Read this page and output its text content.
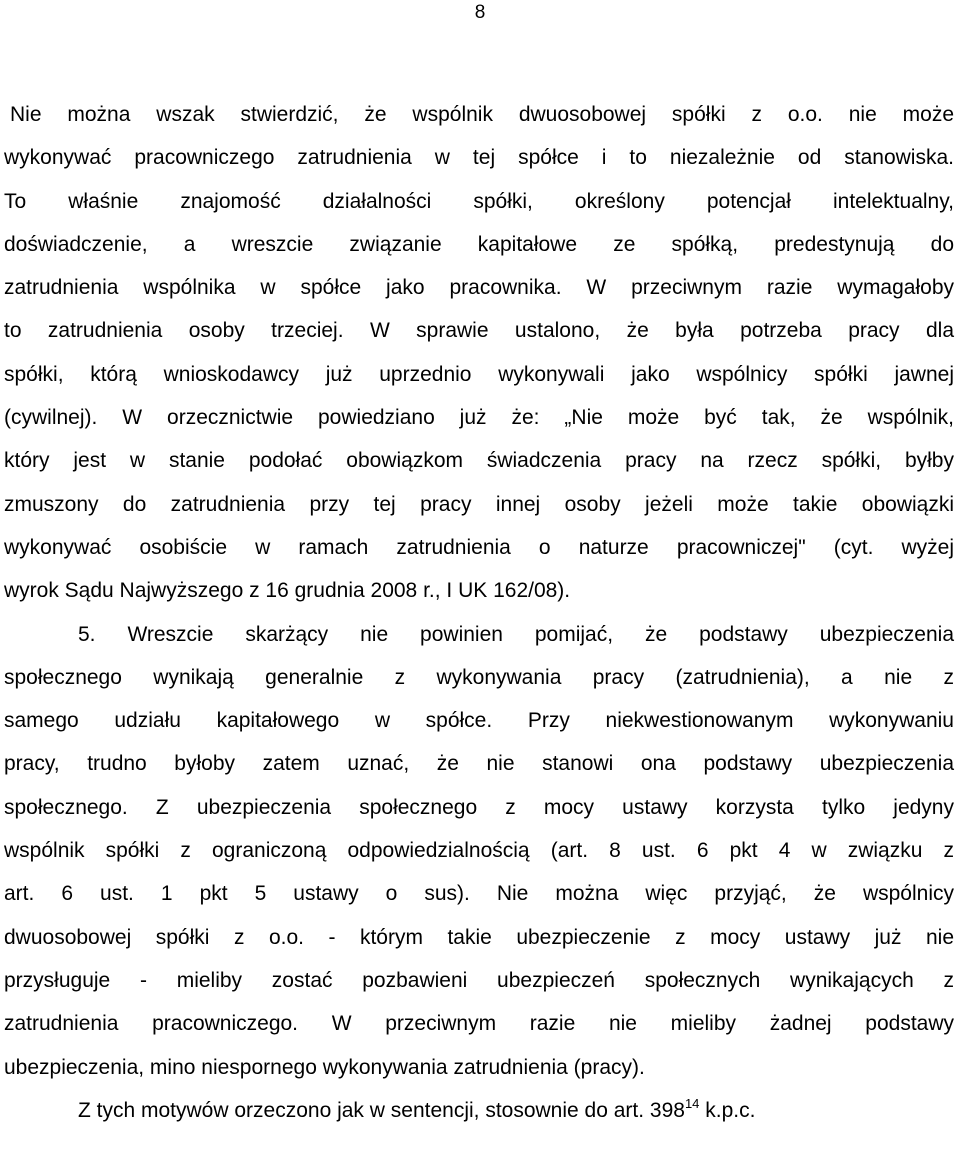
8
Nie można wszak stwierdzić, że wspólnik dwuosobowej spółki z o.o. nie może
wykonywać pracowniczego zatrudnienia w tej spółce i to niezależnie od stanowiska.
To właśnie znajomość działalności spółki, określony potencjał intelektualny,
doświadczenie, a wreszcie związanie kapitałowe ze spółką, predestynują do
zatrudnienia wspólnika w spółce jako pracownika. W przeciwnym razie wymagałoby
to zatrudnienia osoby trzeciej. W sprawie ustalono, że była potrzeba pracy dla
spółki, którą wnioskodawcy już uprzednio wykonywali jako wspólnicy spółki jawnej
(cywilnej). W orzecznictwie powiedziano już że: „Nie może być tak, że wspólnik,
który jest w stanie podołać obowiązkom świadczenia pracy na rzecz spółki, byłby
zmuszony do zatrudnienia przy tej pracy innej osoby jeżeli może takie obowiązki
wykonywać osobiście w ramach zatrudnienia o naturze pracowniczej" (cyt. wyżej
wyrok Sądu Najwyższego z 16 grudnia 2008 r., I UK 162/08).
5. Wreszcie skarżący nie powinien pomijać, że podstawy ubezpieczenia
społecznego wynikają generalnie z wykonywania pracy (zatrudnienia), a nie z
samego udziału kapitałowego w spółce. Przy niekwestionowanym wykonywaniu
pracy, trudno byłoby zatem uznać, że nie stanowi ona podstawy ubezpieczenia
społecznego. Z ubezpieczenia społecznego z mocy ustawy korzysta tylko jedyny
wspólnik spółki z ograniczoną odpowiedzialnością (art. 8 ust. 6 pkt 4 w związku z
art. 6 ust. 1 pkt 5 ustawy o sus). Nie można więc przyjąć, że wspólnicy
dwuosobowej spółki z o.o. - którym takie ubezpieczenie z mocy ustawy już nie
przysługuje - mieliby zostać pozbawieni ubezpieczeń społecznych wynikających z
zatrudnienia pracowniczego. W przeciwnym razie nie mieliby żadnej podstawy
ubezpieczenia, mino niespornego wykonywania zatrudnienia (pracy).
Z tych motywów orzeczono jak w sentencji, stosownie do art. $398^{14}$ k.p.c.
